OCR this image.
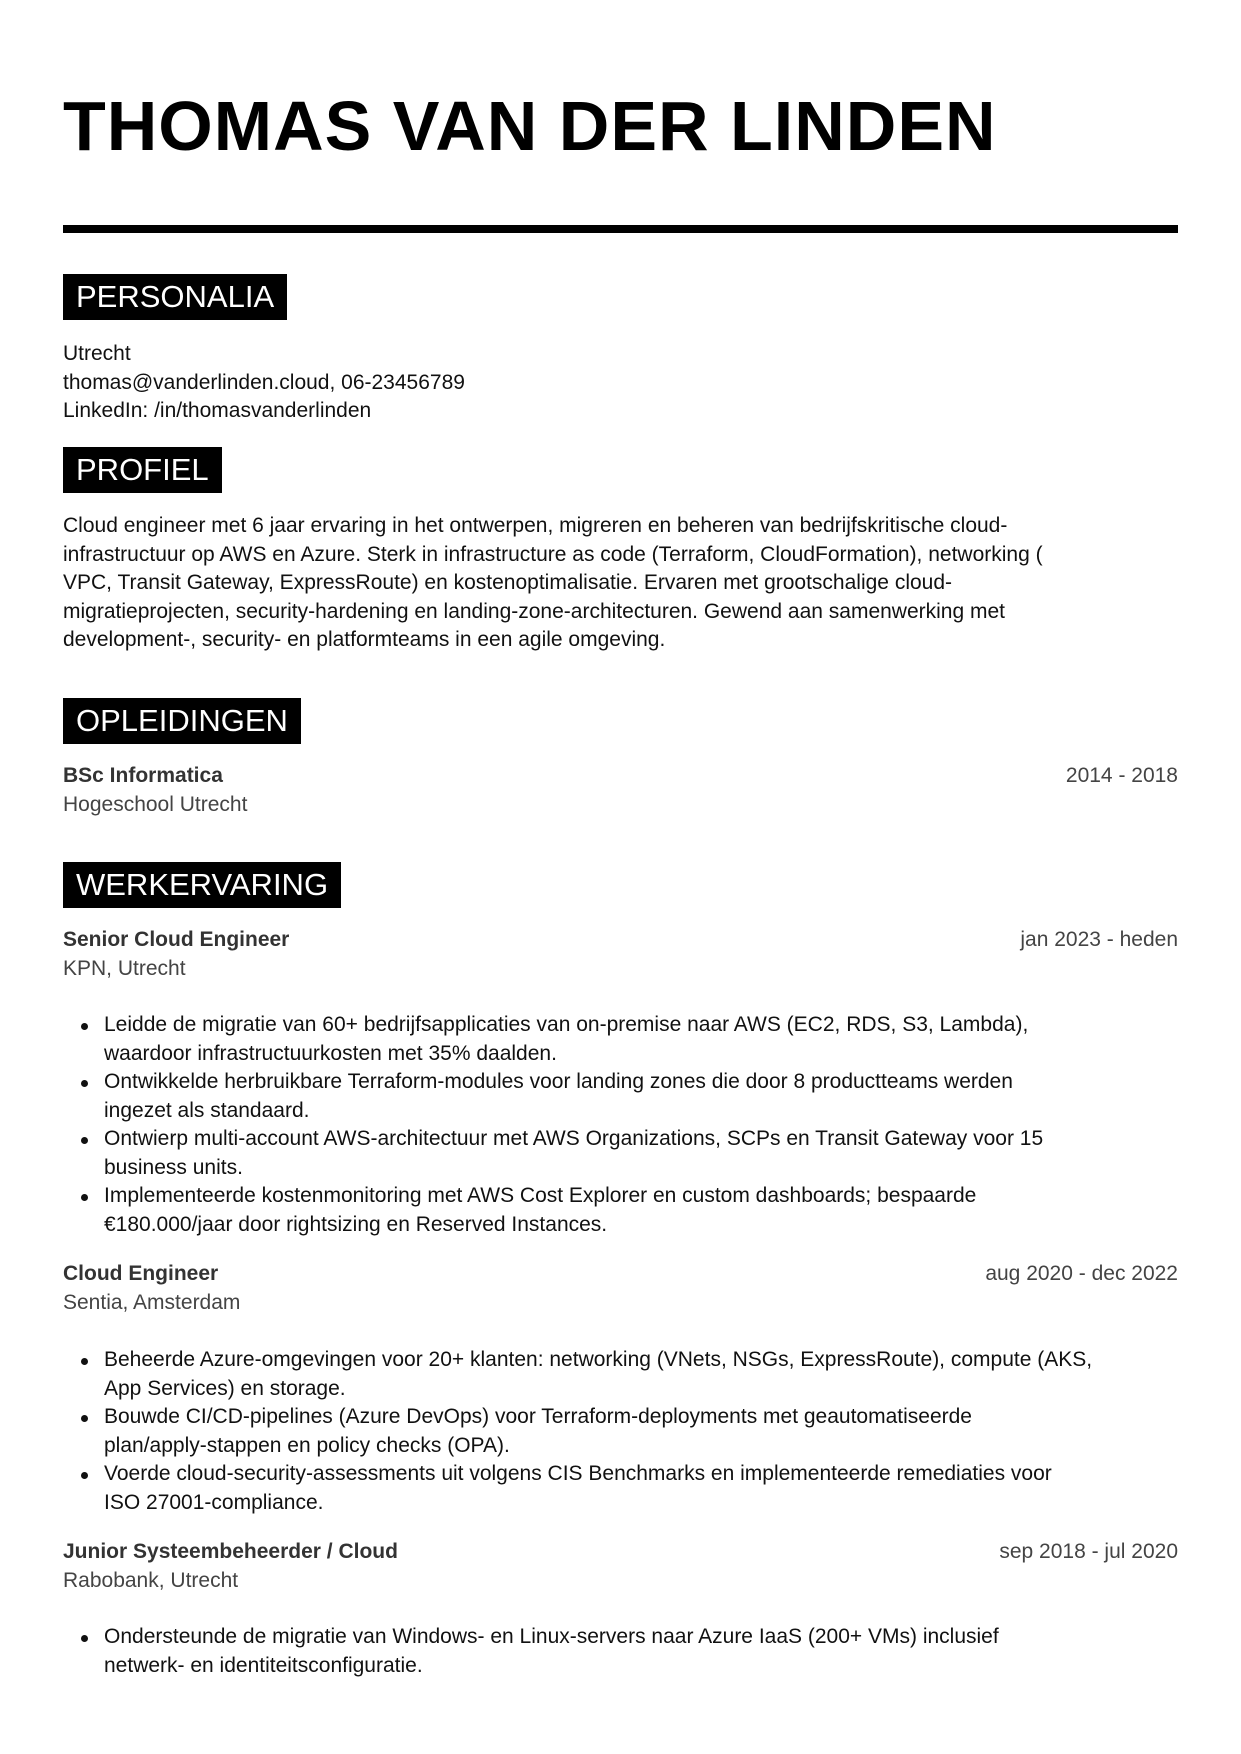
THOMAS VAN DER LINDEN
PERSONALIA
Utrecht
thomas@vanderlinden.cloud, 06-23456789
LinkedIn: /in/thomasvanderlinden
PROFIEL
Cloud engineer met 6 jaar ervaring in het ontwerpen, migreren en beheren van bedrijfskritische cloud-
infrastructuur op AWS en Azure. Sterk in infrastructure as code (Terraform, CloudFormation), networking (
VPC, Transit Gateway, ExpressRoute) en kostenoptimalisatie. Ervaren met grootschalige cloud-
migratieprojecten, security-hardening en landing-zone-architecturen. Gewend aan samenwerking met
development-, security- en platformteams in een agile omgeving.
OPLEIDINGEN
BSc Informatica	2014 - 2018
Hogeschool Utrecht
WERKERVARING
Senior Cloud Engineer	jan 2023 - heden
KPN, Utrecht
Leidde de migratie van 60+ bedrijfsapplicaties van on-premise naar AWS (EC2, RDS, S3, Lambda),
waardoor infrastructuurkosten met 35% daalden.
Ontwikkelde herbruikbare Terraform-modules voor landing zones die door 8 productteams werden
ingezet als standaard.
Ontwierp multi-account AWS-architectuur met AWS Organizations, SCPs en Transit Gateway voor 15
business units.
Implementeerde kostenmonitoring met AWS Cost Explorer en custom dashboards; bespaarde
€180.000/jaar door rightsizing en Reserved Instances.
Cloud Engineer	aug 2020 - dec 2022
Sentia, Amsterdam
Beheerde Azure-omgevingen voor 20+ klanten: networking (VNets, NSGs, ExpressRoute), compute (AKS,
App Services) en storage.
Bouwde CI/CD-pipelines (Azure DevOps) voor Terraform-deployments met geautomatiseerde
plan/apply-stappen en policy checks (OPA).
Voerde cloud-security-assessments uit volgens CIS Benchmarks en implementeerde remediaties voor
ISO 27001-compliance.
Junior Systeembeheerder / Cloud	sep 2018 - jul 2020
Rabobank, Utrecht
Ondersteunde de migratie van Windows- en Linux-servers naar Azure IaaS (200+ VMs) inclusief
netwerk- en identiteitsconfiguratie.
